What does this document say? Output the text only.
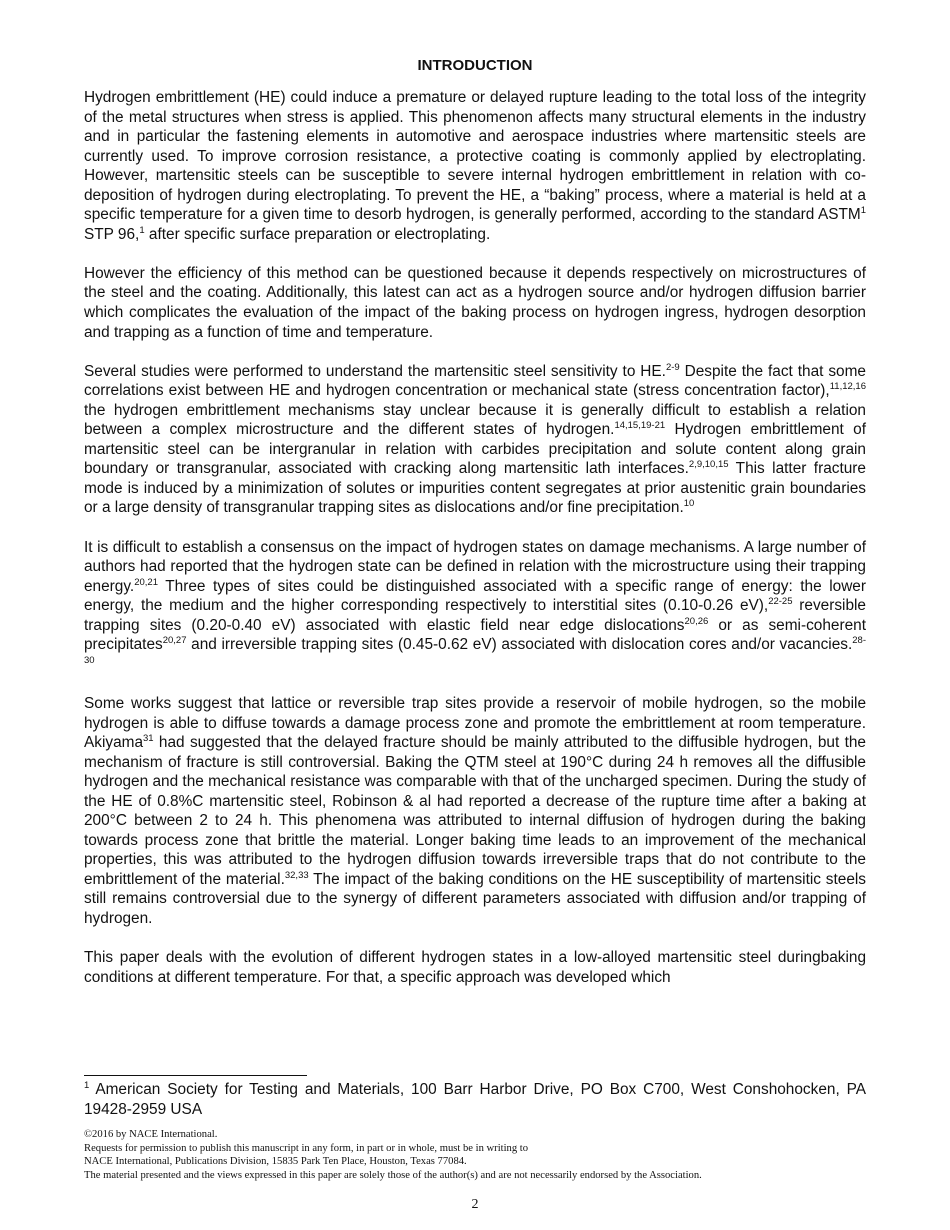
INTRODUCTION

Hydrogen embrittlement (HE) could induce a premature or delayed rupture leading to the total loss of the integrity of the metal structures when stress is applied. This phenomenon affects many structural elements in the industry and in particular the fastening elements in automotive and aerospace industries where martensitic steels are currently used. To improve corrosion resistance, a protective coating is commonly applied by electroplating. However, martensitic steels can be susceptible to severe internal hydrogen embrittlement in relation with co-deposition of hydrogen during electroplating. To prevent the HE, a “baking” process, where a material is held at a specific temperature for a given time to desorb hydrogen, is generally performed, according to the standard ASTM$^1$ STP 96,$^1$ after specific surface preparation or electroplating.

However the efficiency of this method can be questioned because it depends respectively on microstructures of the steel and the coating. Additionally, this latest can act as a hydrogen source and/or hydrogen diffusion barrier which complicates the evaluation of the impact of the baking process on hydrogen ingress, hydrogen desorption and trapping as a function of time and temperature.

Several studies were performed to understand the martensitic steel sensitivity to HE.$^{2-9}$ Despite the fact that some correlations exist between HE and hydrogen concentration or mechanical state (stress concentration factor),$^{11,12,16}$ the hydrogen embrittlement mechanisms stay unclear because it is generally difficult to establish a relation between a complex microstructure and the different states of hydrogen.$^{14,15,19-21}$ Hydrogen embrittlement of martensitic steel can be intergranular in relation with carbides precipitation and solute content along grain boundary or transgranular, associated with cracking along martensitic lath interfaces.$^{2,9,10,15}$ This latter fracture mode is induced by a minimization of solutes or impurities content segregates at prior austenitic grain boundaries or a large density of transgranular trapping sites as dislocations and/or fine precipitation.$^{10}$

It is difficult to establish a consensus on the impact of hydrogen states on damage mechanisms. A large number of authors had reported that the hydrogen state can be defined in relation with the microstructure using their trapping energy.$^{20,21}$ Three types of sites could be distinguished associated with a specific range of energy: the lower energy, the medium and the higher corresponding respectively to interstitial sites (0.10-0.26 eV),$^{22-25}$ reversible trapping sites (0.20-0.40 eV) associated with elastic field near edge dislocations$^{20,26}$ or as semi-coherent precipitates$^{20,27}$ and irreversible trapping sites (0.45-0.62 eV) associated with dislocation cores and/or vacancies.$^{28-30}$

Some works suggest that lattice or reversible trap sites provide a reservoir of mobile hydrogen, so the mobile hydrogen is able to diffuse towards a damage process zone and promote the embrittlement at room temperature. Akiyama$^{31}$ had suggested that the delayed fracture should be mainly attributed to the diffusible hydrogen, but the mechanism of fracture is still controversial. Baking the QTM steel at 190°C during 24 h removes all the diffusible hydrogen and the mechanical resistance was comparable with that of the uncharged specimen. During the study of the HE of 0.8%C martensitic steel, Robinson & al had reported a decrease of the rupture time after a baking at 200°C between 2 to 24 h. This phenomena was attributed to internal diffusion of hydrogen during the baking towards process zone that brittle the material. Longer baking time leads to an improvement of the mechanical properties, this was attributed to the hydrogen diffusion towards irreversible traps that do not contribute to the embrittlement of the material.$^{32,33}$ The impact of the baking conditions on the HE susceptibility of martensitic steels still remains controversial due to the synergy of different parameters associated with diffusion and/or trapping of hydrogen.

This paper deals with the evolution of different hydrogen states in a low-alloyed martensitic steel duringbaking conditions at different temperature. For that, a specific approach was developed which

$^1$ American Society for Testing and Materials, 100 Barr Harbor Drive, PO Box C700, West Conshohocken, PA 19428-2959 USA
©2016 by NACE International.
Requests for permission to publish this manuscript in any form, in part or in whole, must be in writing to
NACE International, Publications Division, 15835 Park Ten Place, Houston, Texas 77084.
The material presented and the views expressed in this paper are solely those of the author(s) and are not necessarily endorsed by the Association.
2
